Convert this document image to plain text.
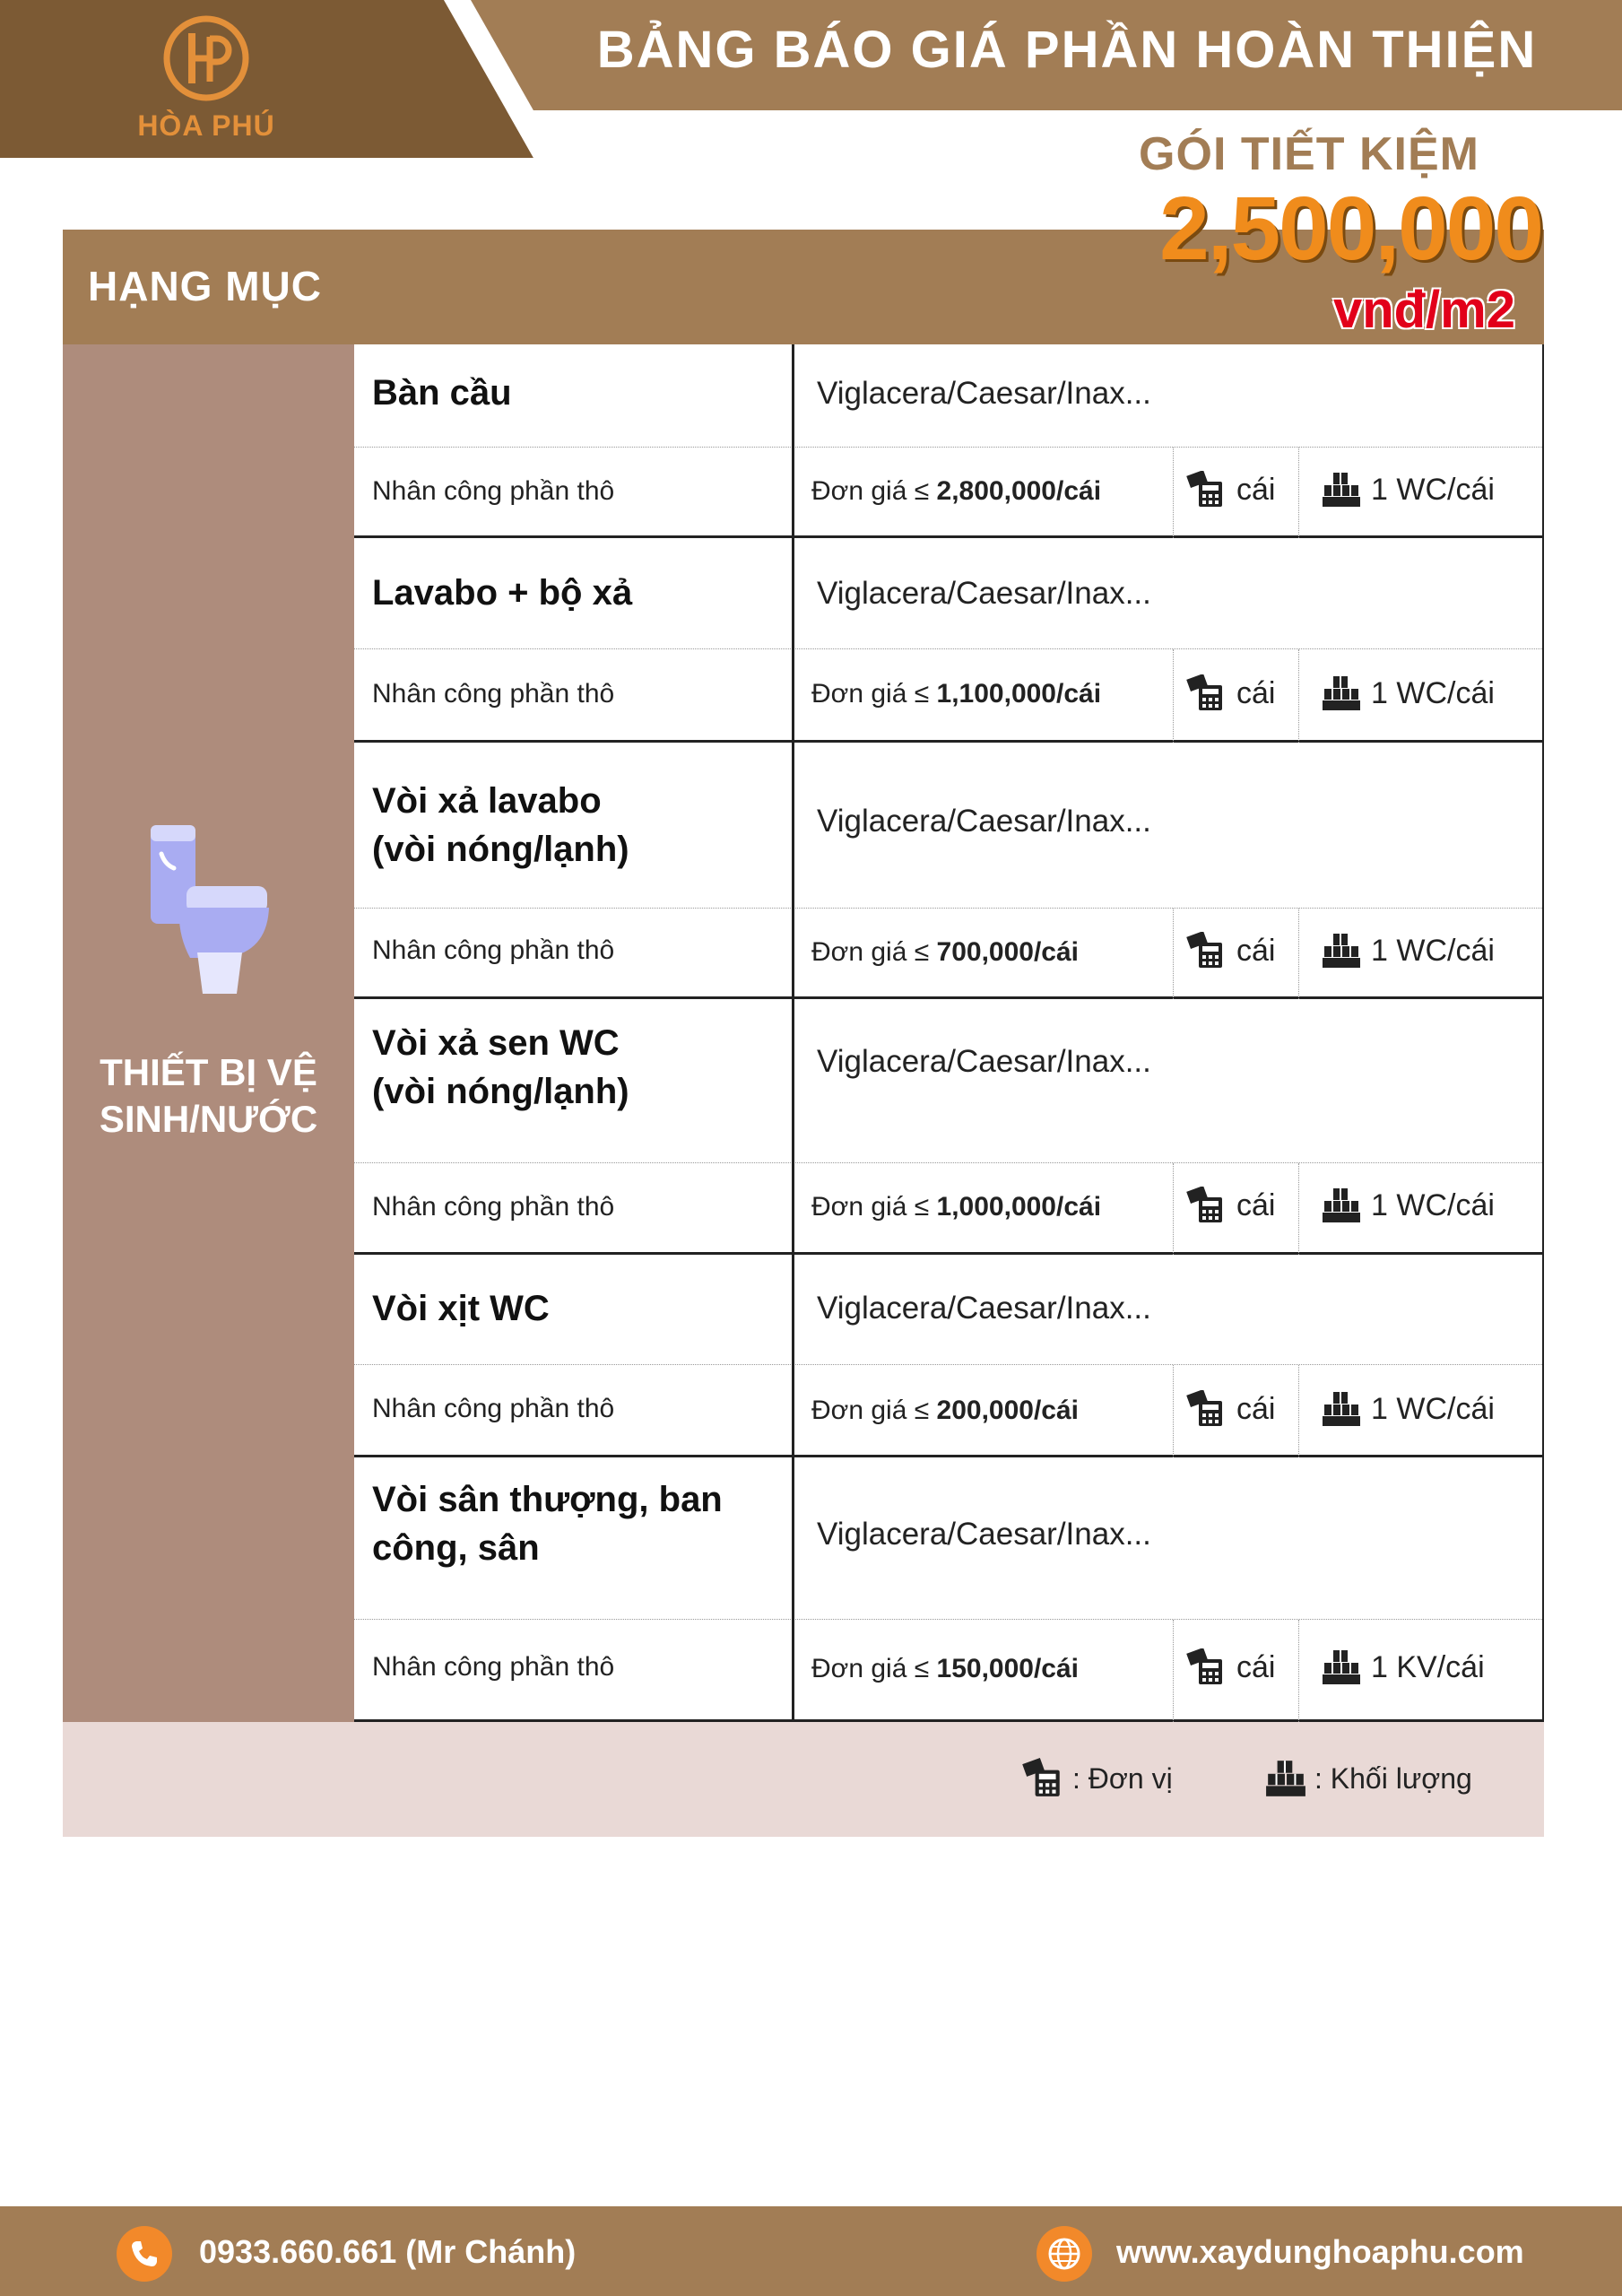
HÒA PHÚ
BẢNG BÁO GIÁ PHẦN HOÀN THIỆN
GÓI TIẾT KIỆM
HẠNG MỤC
2,500,000
vnđ/m2
THIẾT BỊ VỆ
SINH/NƯỚC
Bàn cầu	Viglacera/Caesar/Inax...
Nhân công phần thô	Đơn giá ≤ 2,800,000/cái	cái	1 WC/cái
Lavabo + bộ xả	Viglacera/Caesar/Inax...
Nhân công phần thô	Đơn giá ≤ 1,100,000/cái	cái	1 WC/cái
Vòi xả lavabo
(vòi nóng/lạnh)
Viglacera/Caesar/Inax...
Nhân công phần thô	Đơn giá ≤ 700,000/cái	cái	1 WC/cái
Vòi xả sen WC
(vòi nóng/lạnh)
Viglacera/Caesar/Inax...
Nhân công phần thô	Đơn giá ≤ 1,000,000/cái	cái	1 WC/cái
Vòi xịt WC	Viglacera/Caesar/Inax...
Nhân công phần thô	Đơn giá ≤ 200,000/cái	cái	1 WC/cái
Vòi sân thượng, ban
công, sân	Viglacera/Caesar/Inax...
Nhân công phần thô	Đơn giá ≤ 150,000/cái	cái	1 KV/cái
: Đơn vị	: Khối lượng
0933.660.661 (Mr Chánh)	www.xaydunghoaphu.com
